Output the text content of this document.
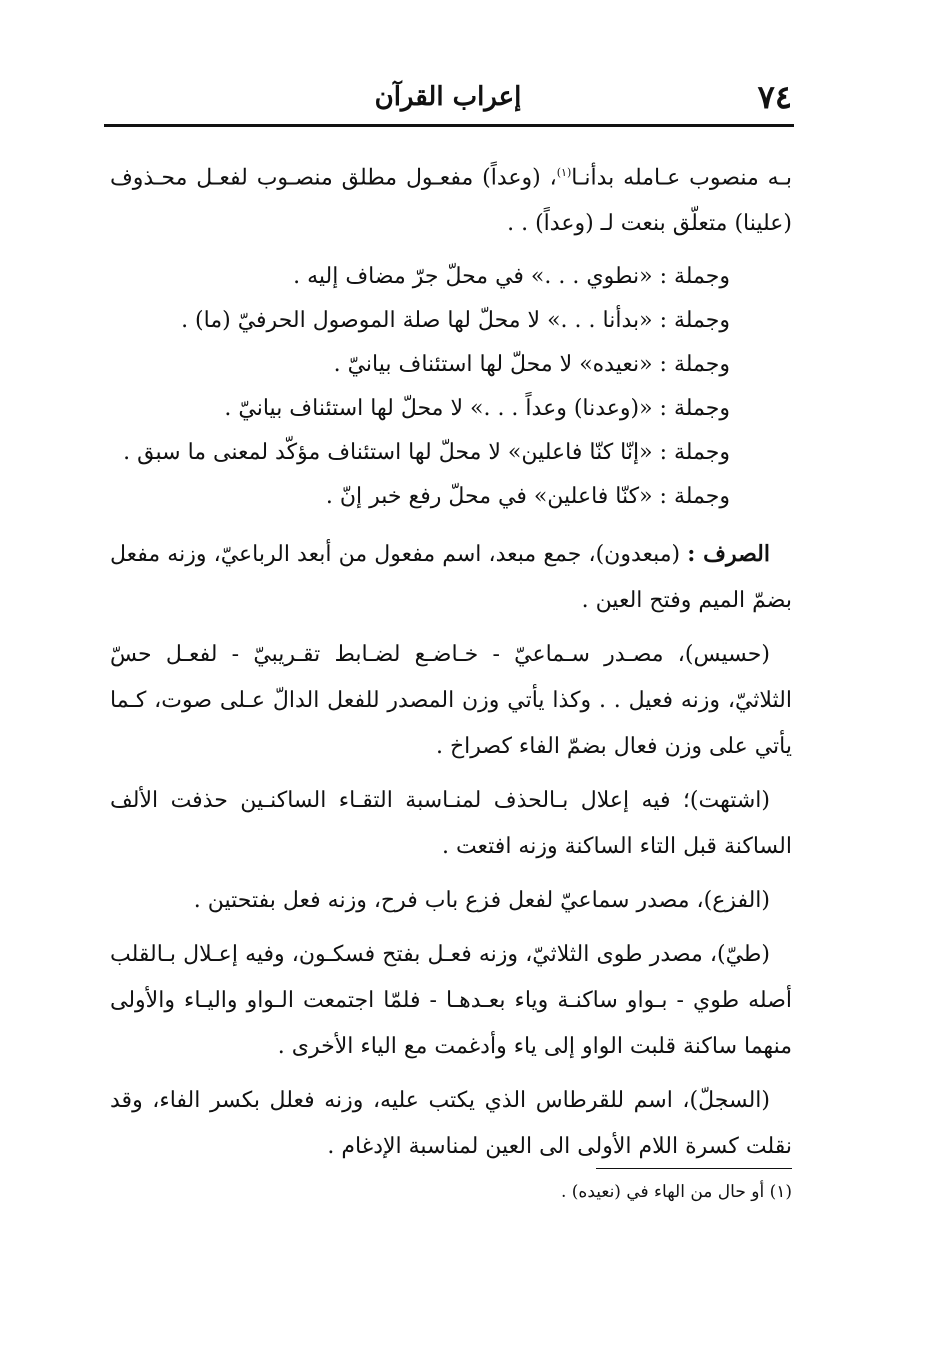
٧٤
إعراب القرآن

بـه منصوب عـامله بدأنـا$^{(١)}$، (وعداً) مفعـول مطلق منصـوب لفعـل محـذوف (علينا) متعلّق بنعت لـ (وعداً) . .

وجملة : «نطوي . . .» في محلّ جرّ مضاف إليه .
وجملة : «بدأنا . . .» لا محلّ لها صلة الموصول الحرفيّ (ما) .
وجملة : «نعيده» لا محلّ لها استئناف بيانيّ .
وجملة : «(وعدنا) وعداً . . .» لا محلّ لها استئناف بيانيّ .
وجملة : «إنّا كنّا فاعلين» لا محلّ لها استئناف مؤكّد لمعنى ما سبق .
وجملة : «كنّا فاعلين» في محلّ رفع خبر إنّ .

الصرف : (مبعدون)، جمع مبعد، اسم مفعول من أبعد الرباعيّ، وزنه مفعل بضمّ الميم وفتح العين .

(حسيس)، مصـدر سـماعيّ - خـاضـع لضـابط تقـريبيّ - لفعـل حسّ الثلاثيّ، وزنه فعيل . . وكذا يأتي وزن المصدر للفعل الدالّ عـلى صوت، كـما يأتي على وزن فعال بضمّ الفاء كصراخ .

(اشتهت)؛ فيه إعلال بـالحذف لمنـاسبة التقـاء الساكنـين حذفت الألف الساكنة قبل التاء الساكنة وزنه افتعت .

(الفزع)، مصدر سماعيّ لفعل فزع باب فرح، وزنه فعل بفتحتين .

(طيّ)، مصدر طوى الثلاثيّ، وزنه فعـل بفتح فسكـون، وفيه إعـلال بـالقلب أصله طوي - بـواو ساكنـة وياء بعـدهـا - فلمّا اجتمعت الـواو واليـاء والأولى منهما ساكنة قلبت الواو إلى ياء وأدغمت مع الياء الأخرى .

(السجلّ)، اسم للقرطاس الذي يكتب عليه، وزنه فعلل بكسر الفاء، وقد نقلت كسرة اللام الأولى الى العين لمناسبة الإدغام .

(١) أو حال من الهاء في (نعيده) .
